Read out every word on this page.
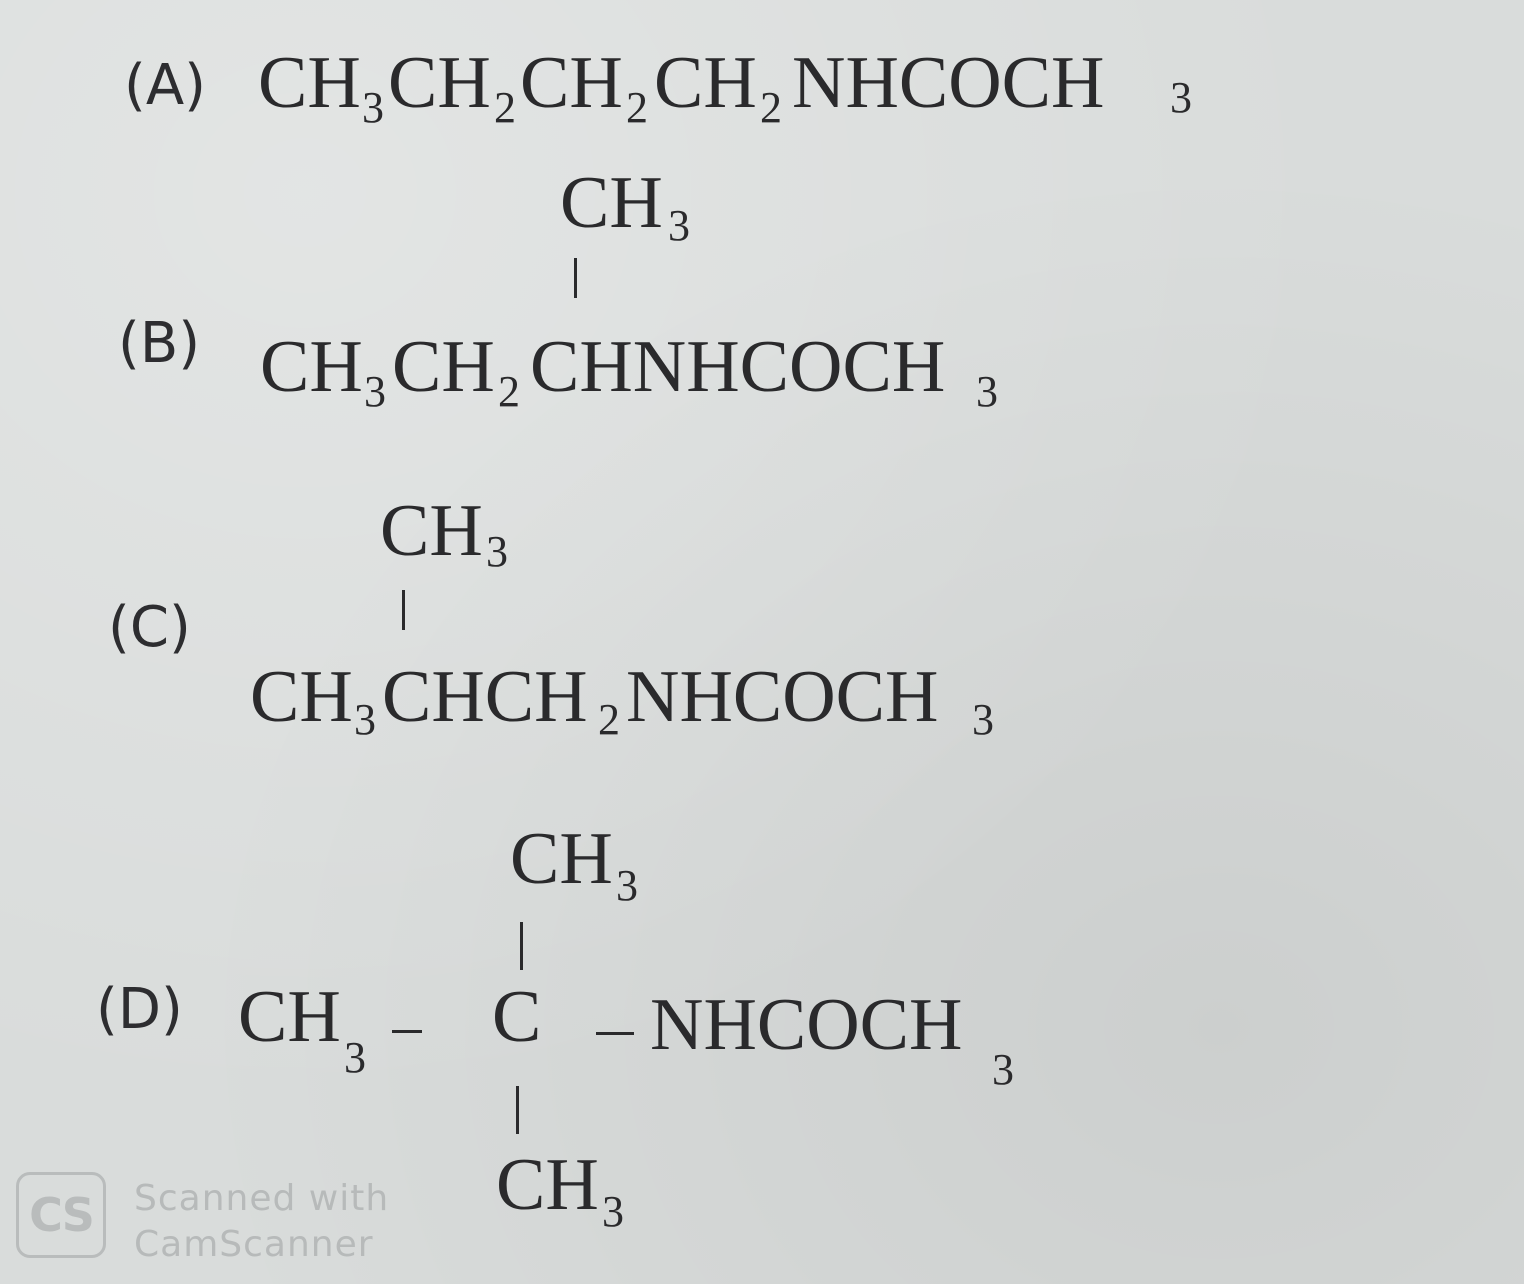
(A) CH 3 CH 2 CH 2 CH 2 NHCOCH 3
CH 3
(B) CH 3 CH 2 CHNHCOCH 3
CH 3
(C)
CH 3 CHCH 2 NHCOCH 3
CH 3
(D) CH 3 C NHCOCH
3
CH 3
CS	Scanned with
CamScanner
